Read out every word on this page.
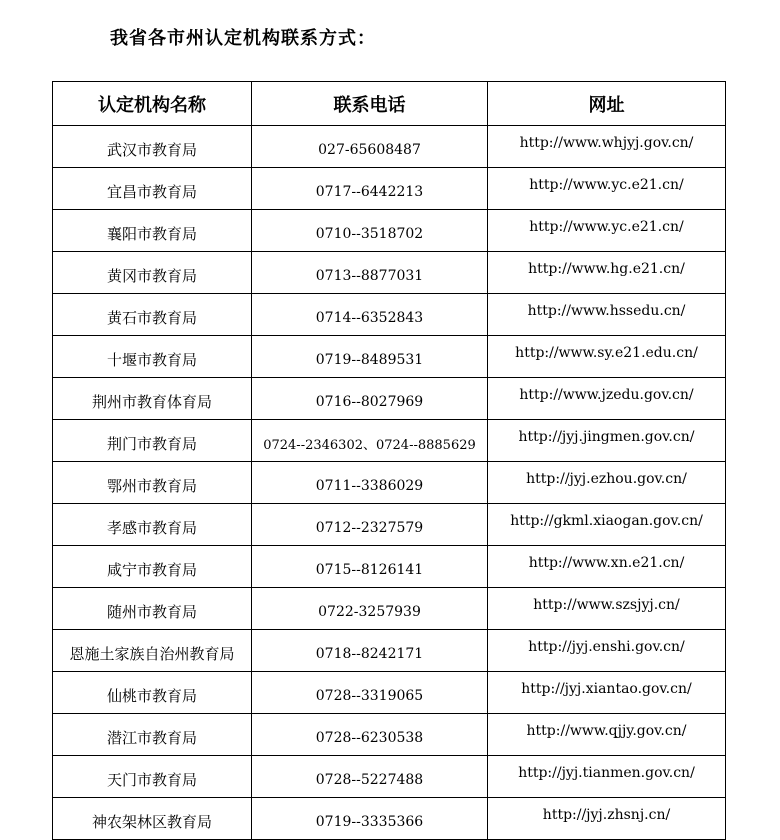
我省各市州认定机构联系方式：
认定机构名称	联系电话	网址
武汉市教育局	027-65608487	http://www.whjyj.gov.cn/
宜昌市教育局	0717--6442213	http://www.yc.e21.cn/
襄阳市教育局	0710--3518702	http://www.yc.e21.cn/
黄冈市教育局	0713--8877031	http://www.hg.e21.cn/
黄石市教育局	0714--6352843	http://www.hssedu.cn/
十堰市教育局	0719--8489531	http://www.sy.e21.edu.cn/
荆州市教育体育局	0716--8027969	http://www.jzedu.gov.cn/
荆门市教育局	0724--2346302、0724--8885629	http://jyj.jingmen.gov.cn/
鄂州市教育局	0711--3386029	http://jyj.ezhou.gov.cn/
孝感市教育局	0712--2327579	http://gkml.xiaogan.gov.cn/
咸宁市教育局	0715--8126141	http://www.xn.e21.cn/
随州市教育局	0722-3257939	http://www.szsjyj.cn/
恩施土家族自治州教育局	0718--8242171	http://jyj.enshi.gov.cn/
仙桃市教育局	0728--3319065	http://jyj.xiantao.gov.cn/
潜江市教育局	0728--6230538	http://www.qjjy.gov.cn/
天门市教育局	0728--5227488	http://jyj.tianmen.gov.cn/
神农架林区教育局	0719--3335366	http://jyj.zhsnj.cn/
